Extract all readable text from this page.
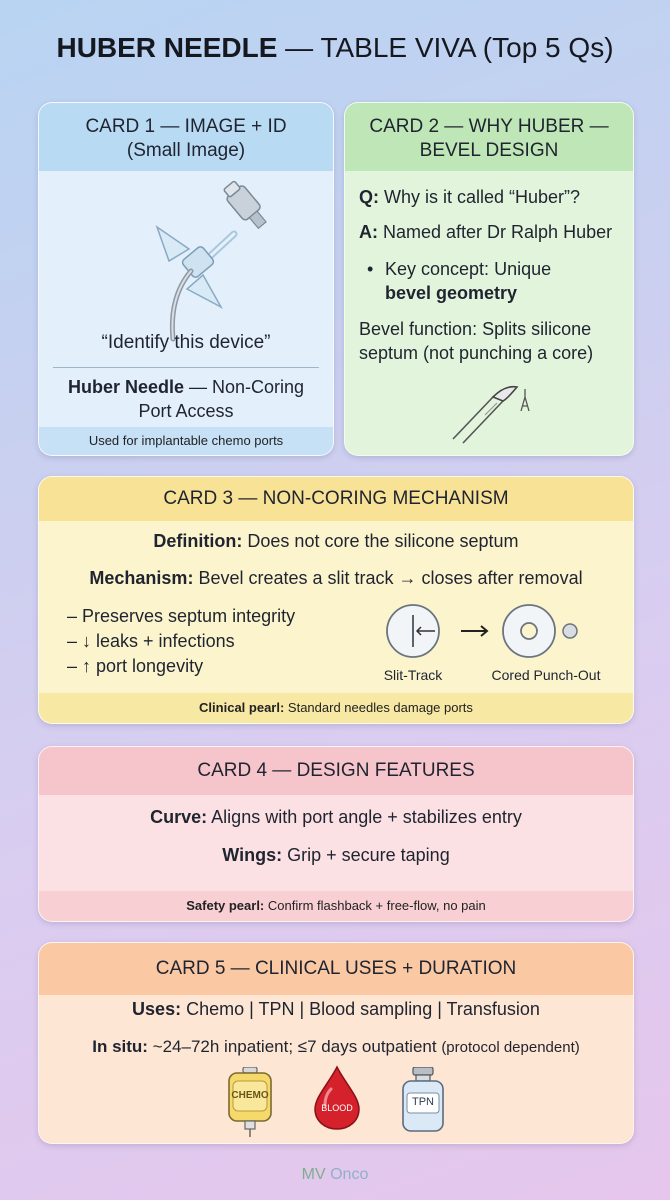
HUBER NEEDLE — TABLE VIVA (Top 5 Qs)
CARD 1 — IMAGE + ID
(Small Image)
“Identify this device”
Huber Needle — Non-Coring
Port Access
Used for implantable chemo ports
CARD 2 — WHY HUBER —
BEVEL DESIGN
Q: Why is it called “Huber”?
A: Named after Dr Ralph Huber
• Key concept: Unique
bevel geometry
Bevel function: Splits silicone
septum (not punching a core)
CARD 3 — NON-CORING MECHANISM
Definition: Does not core the silicone septum
Mechanism: Bevel creates a slit track → closes after removal
– Preserves septum integrity
– ↓ leaks + infections
– ↑ port longevity	Slit-Track	Cored Punch-Out
Clinical pearl: Standard needles damage ports
CARD 4 — DESIGN FEATURES
Curve: Aligns with port angle + stabilizes entry
Wings: Grip + secure taping
Safety pearl: Confirm flashback + free-flow, no pain
CARD 5 — CLINICAL USES + DURATION
Uses: Chemo | TPN | Blood sampling | Transfusion
In situ: ~24–72h inpatient; ≤7 days outpatient (protocol dependent)
CHEMO
BLOOD	TPN
MV Onco
